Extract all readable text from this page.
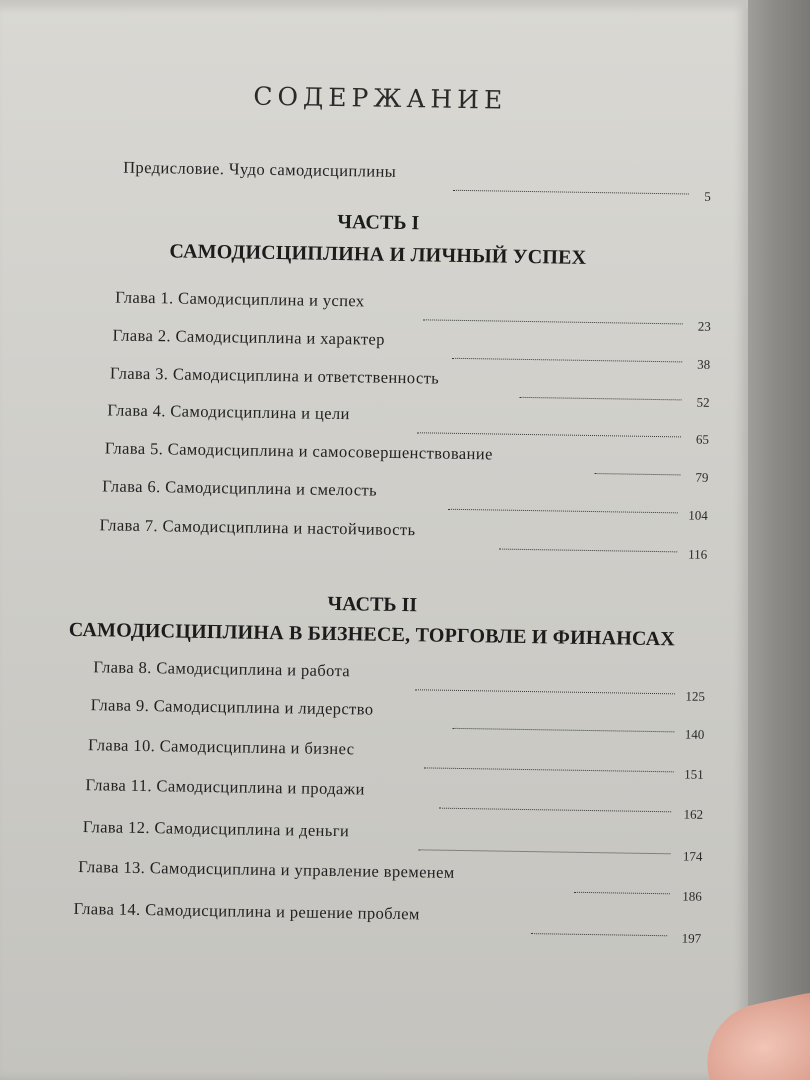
СОДЕРЖАНИЕ
Предисловие. Чудо самодисциплины
5
ЧАСТЬ I
САМОДИСЦИПЛИНА И ЛИЧНЫЙ УСПЕХ
Глава 1. Самодисциплина и успех
23
Глава 2. Самодисциплина и характер
38
Глава 3. Самодисциплина и ответственность
52
Глава 4. Самодисциплина и цели
65
Глава 5. Самодисциплина и самосовершенствование
79
Глава 6. Самодисциплина и смелость
104
Глава 7. Самодисциплина и настойчивость
116
ЧАСТЬ II
САМОДИСЦИПЛИНА В БИЗНЕСЕ, ТОРГОВЛЕ И ФИНАНСАХ
Глава 8. Самодисциплина и работа
125
Глава 9. Самодисциплина и лидерство
140
Глава 10. Самодисциплина и бизнес
151
Глава 11. Самодисциплина и продажи
162
Глава 12. Самодисциплина и деньги
174
Глава 13. Самодисциплина и управление временем
186
Глава 14. Самодисциплина и решение проблем
197
